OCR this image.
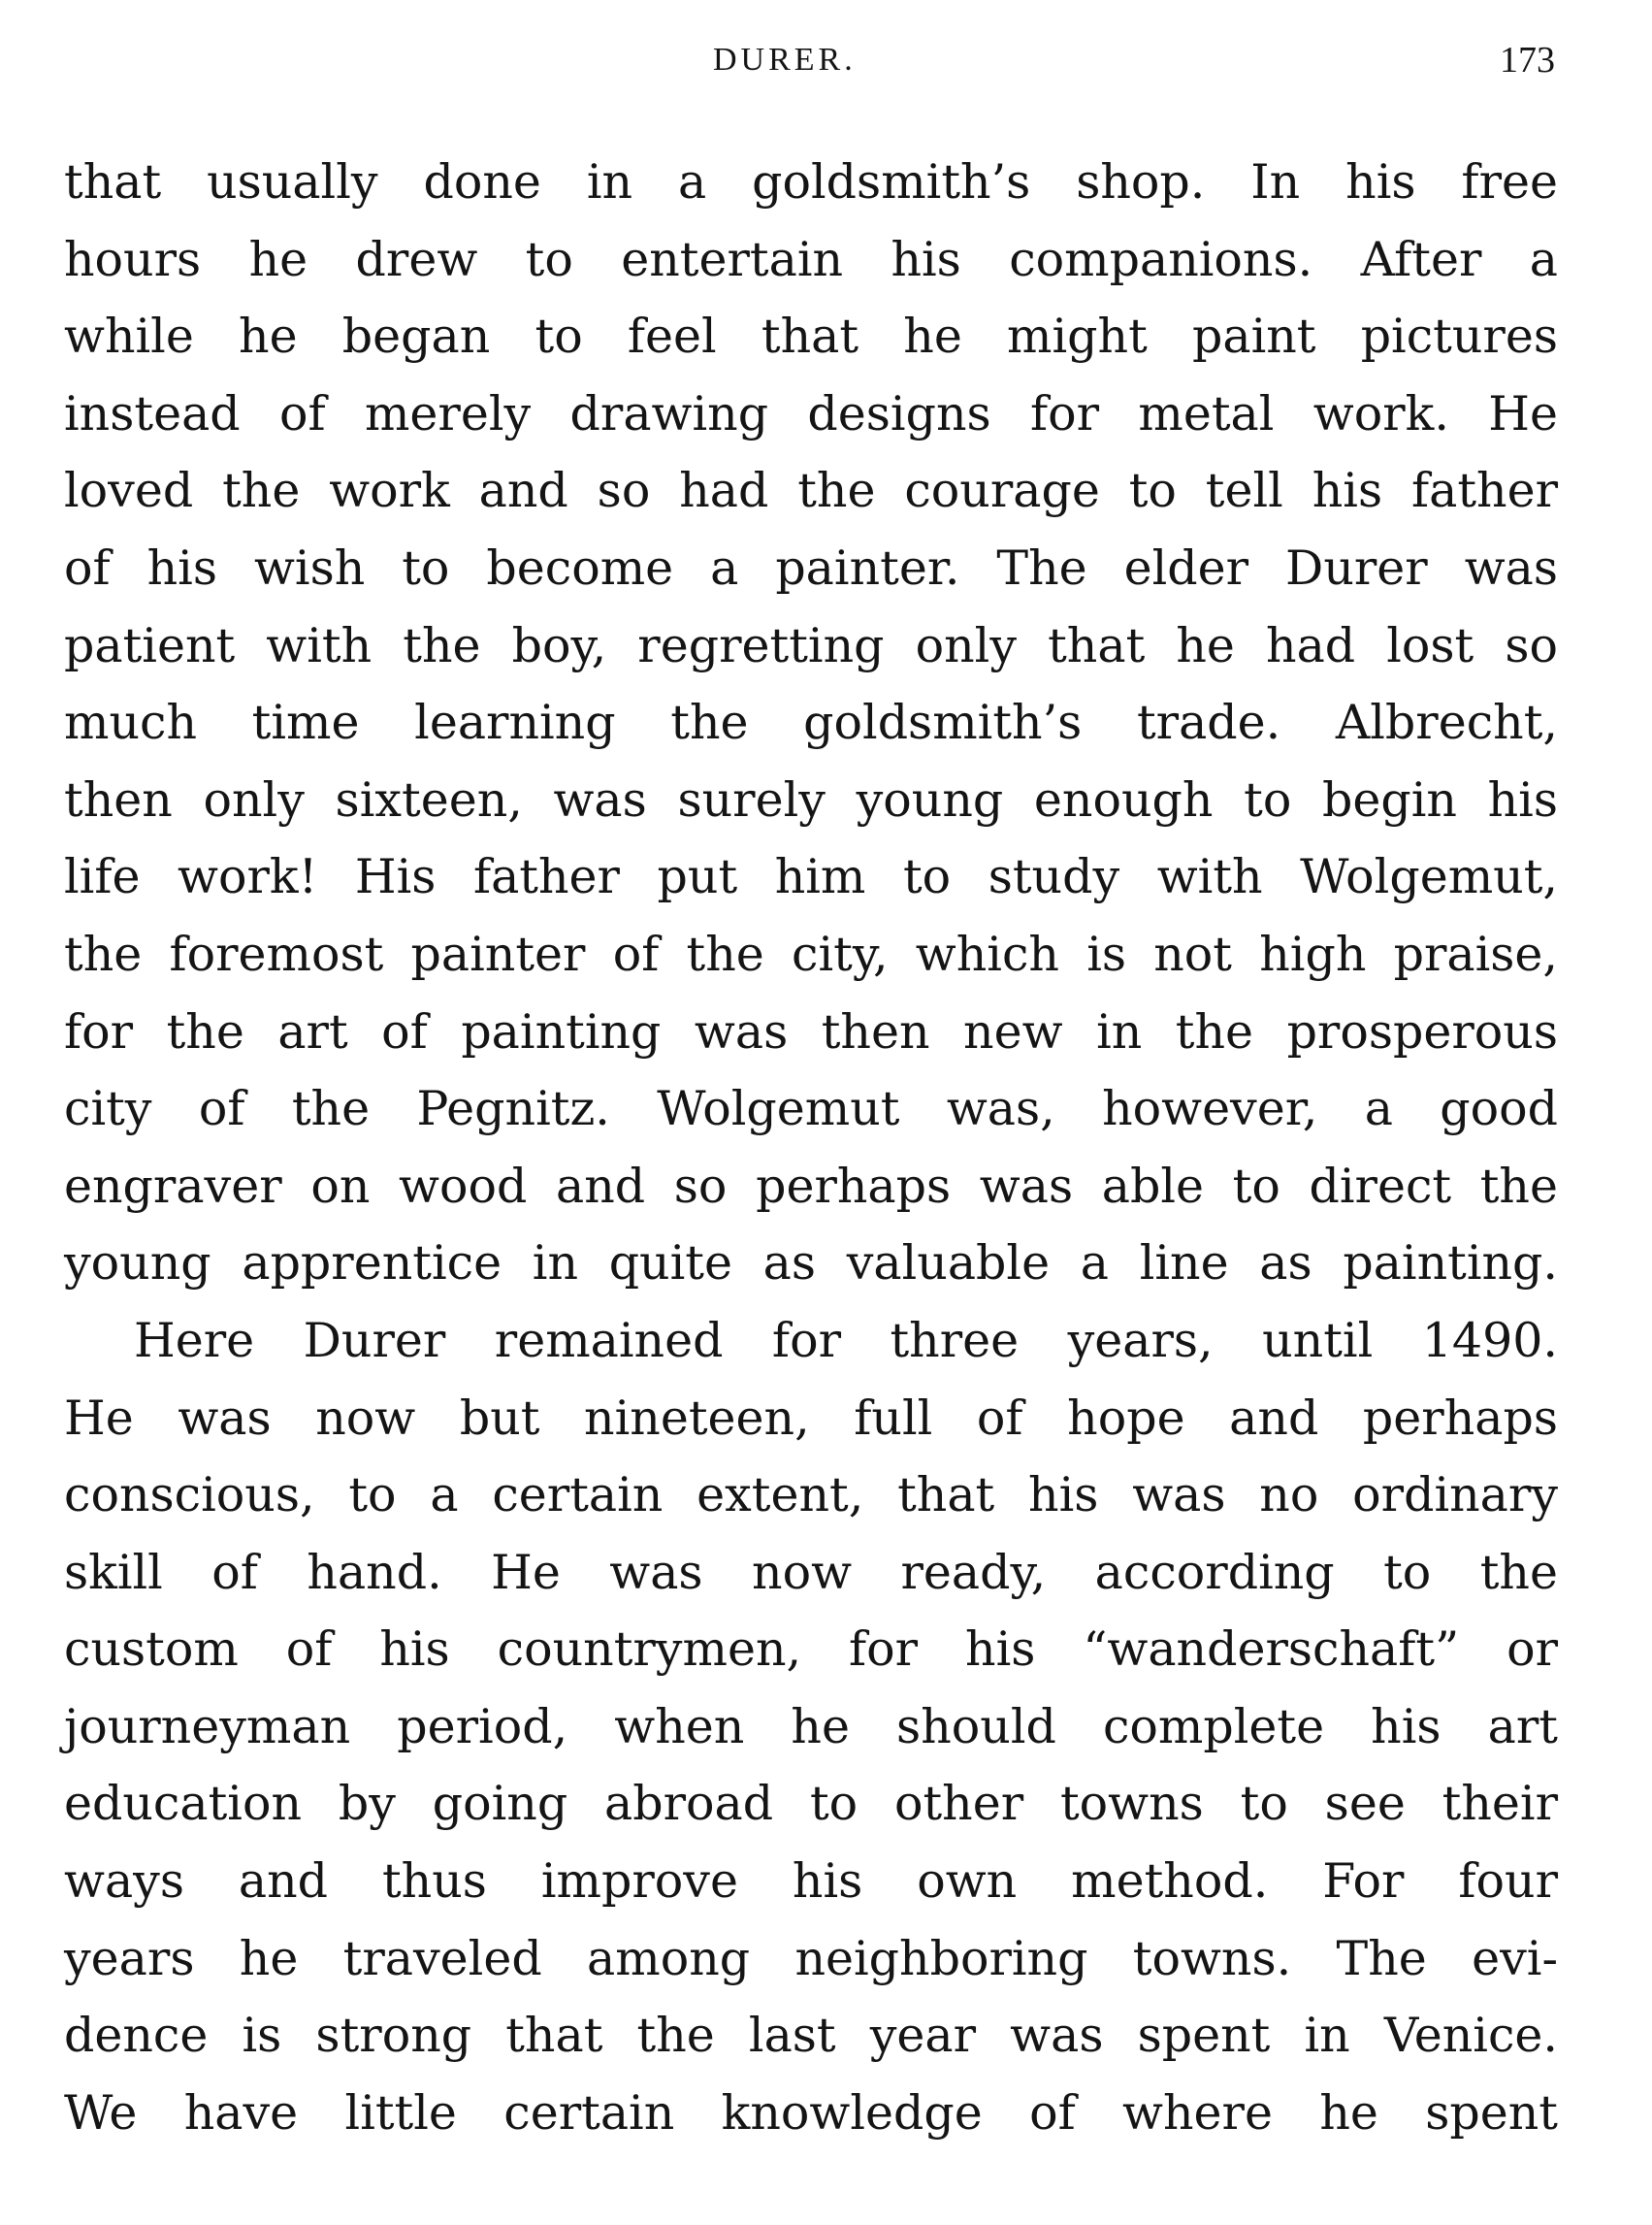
DURER.	173
that usually done in a goldsmith’s shop. In his free
hours he drew to entertain his companions. After a
while he began to feel that he might paint pictures
instead of merely drawing designs for metal work. He
loved the work and so had the courage to tell his father
of his wish to become a painter. The elder Durer was
patient with the boy, regretting only that he had lost so
much time learning the goldsmith’s trade. Albrecht,
then only sixteen, was surely young enough to begin his
life work! His father put him to study with Wolgemut,
the foremost painter of the city, which is not high praise,
for the art of painting was then new in the prosperous
city of the Pegnitz. Wolgemut was, however, a good
engraver on wood and so perhaps was able to direct the
young apprentice in quite as valuable a line as painting.
Here Durer remained for three years, until 1490.
He was now but nineteen, full of hope and perhaps
conscious, to a certain extent, that his was no ordinary
skill of hand. He was now ready, according to the
custom of his countrymen, for his “wanderschaft” or
journeyman period, when he should complete his art
education by going abroad to other towns to see their
ways and thus improve his own method. For four
years he traveled among neighboring towns. The evi-
dence is strong that the last year was spent in Venice.
We have little certain knowledge of where he spent
